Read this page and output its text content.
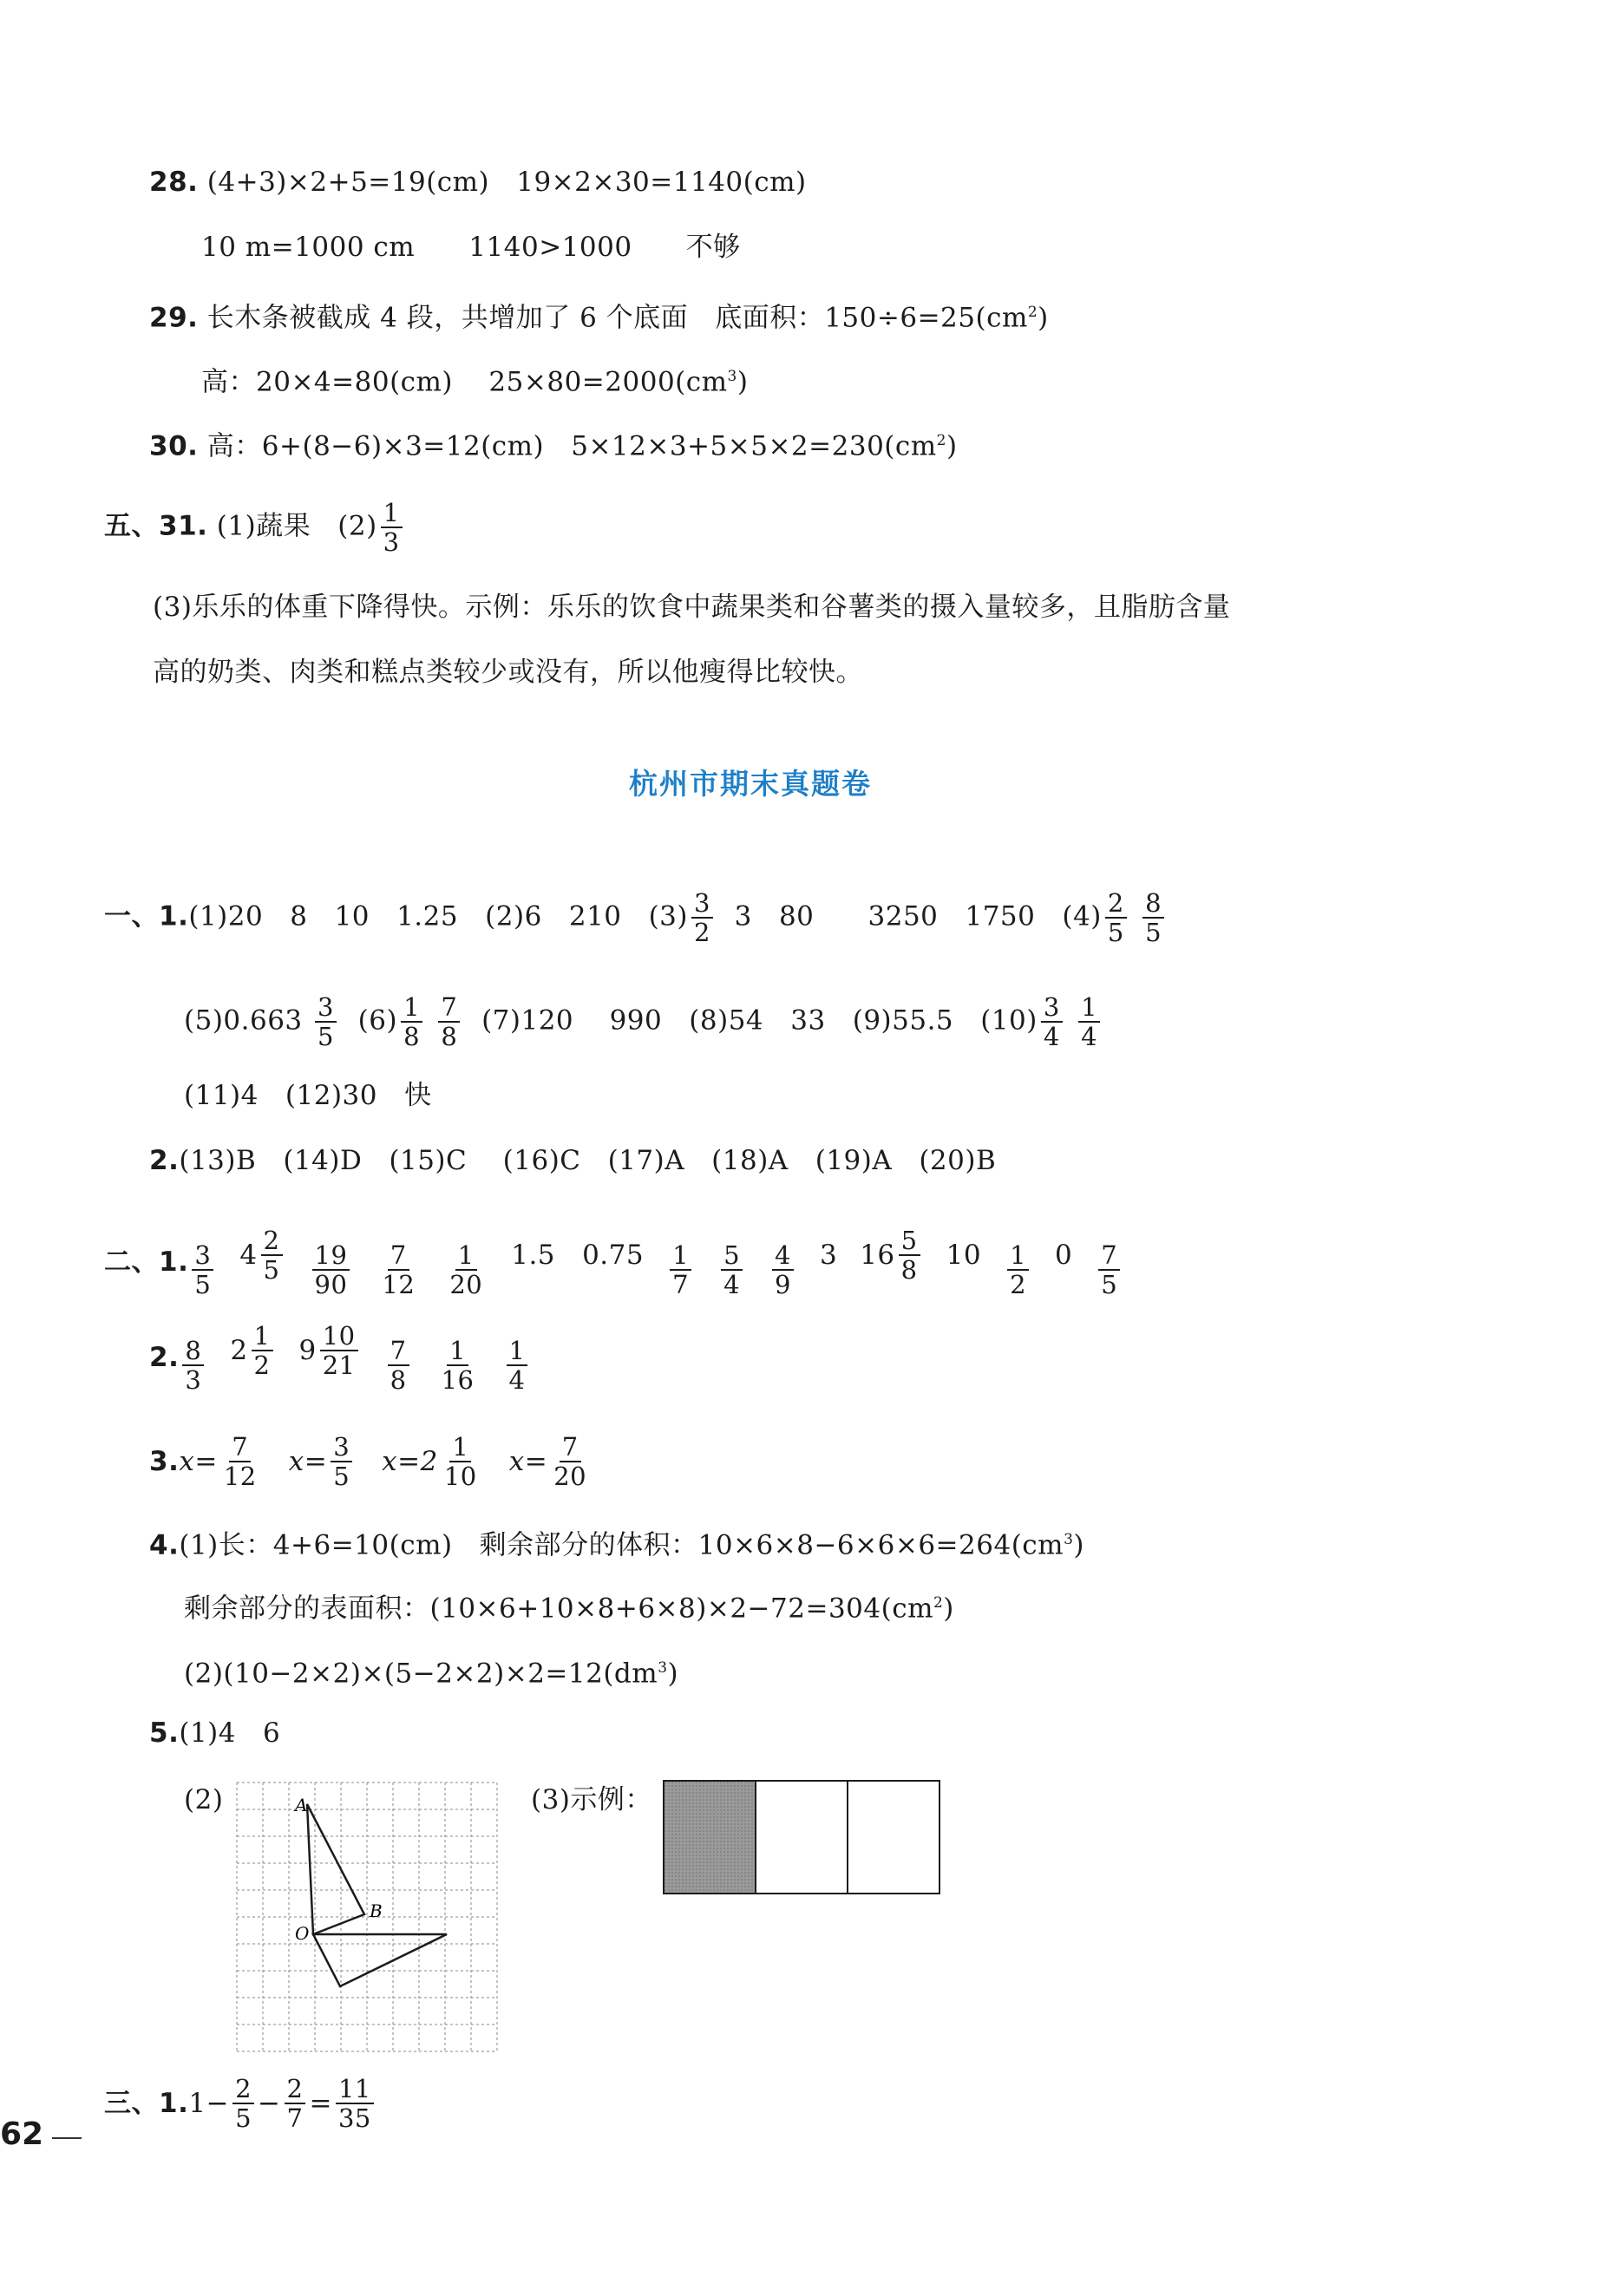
28. (4+3)×2+5=19(cm)   19×2×30=1140(cm)
10 m=1000 cm      1140>1000      不够
29. 长木条被截成 4 段，共增加了 6 个底面   底面积：$150\div 6=25(cm^2)$
高：20×4=80(cm)    $25\times 80=2000(cm^3)$
30. 高：6+(8−6)×3=12(cm)   $5\times 12\times 3+5\times 5\times 2=230(cm^2)$
五、31. (1)蔬果   $(2) \frac{1}{3}$
(3)乐乐的体重下降得快。示例：乐乐的饮食中蔬果类和谷薯类的摄入量较多，且脂肪含量
高的奶类、肉类和糕点类较少或没有，所以他瘦得比较快。
杭州市期末真题卷
一、1.(1)20   8   10   1.25   (2)6   210   $(3) \frac{3}{2} 3$   80      3250   1750   $(4) \frac{2}{5}$
$\frac{8}{5}$
$(5)0.663 \frac{3}{5} (6) \frac{1}{8}$
$\frac{7}{8} (7)120$    990   (8)54   33   (9)55.5   $(10) \frac{3}{4}$
$\frac{1}{4}$
(11)4   (12)30   快
2.(13)B   (14)D   (15)C    (16)C   (17)A   (18)A   (19)A   (20)B
二、1. $\frac{3}{5} 4 \frac{2}{5} \frac{19}{90} \frac{7}{12} \frac{1}{20} 1.5$   $0.75 \frac{1}{7} \frac{5}{4} \frac{4}{9} 3$ $16 \frac{5}{8} 10 \frac{1}{2} 0 \frac{7}{5}$
2. $\frac{8}{3} 2 \frac{1}{2} 9 \frac{10}{21} \frac{7}{8} \frac{1}{16} \frac{1}{4}$
3. $x= \frac{7}{12} x= \frac{3}{5} x=2 \frac{1}{10} x= \frac{7}{20}$
4.(1)长：4+6=10(cm)   剩余部分的体积：$10\times 6\times 8-6\times 6\times 6=264(cm^3)$
剩余部分的表面积：$(10\times 6+10\times 8+6\times 8)\times 2-72=304(cm^2)$
$(2)(10-2\times 2)\times(5-2\times 2)\times 2=12(dm^3)$
5.(1)4   6
(2)	(3)示例：
A
B
O
三、1. $1- \frac{2}{5} - \frac{2}{7} = \frac{11}{35}$
62
